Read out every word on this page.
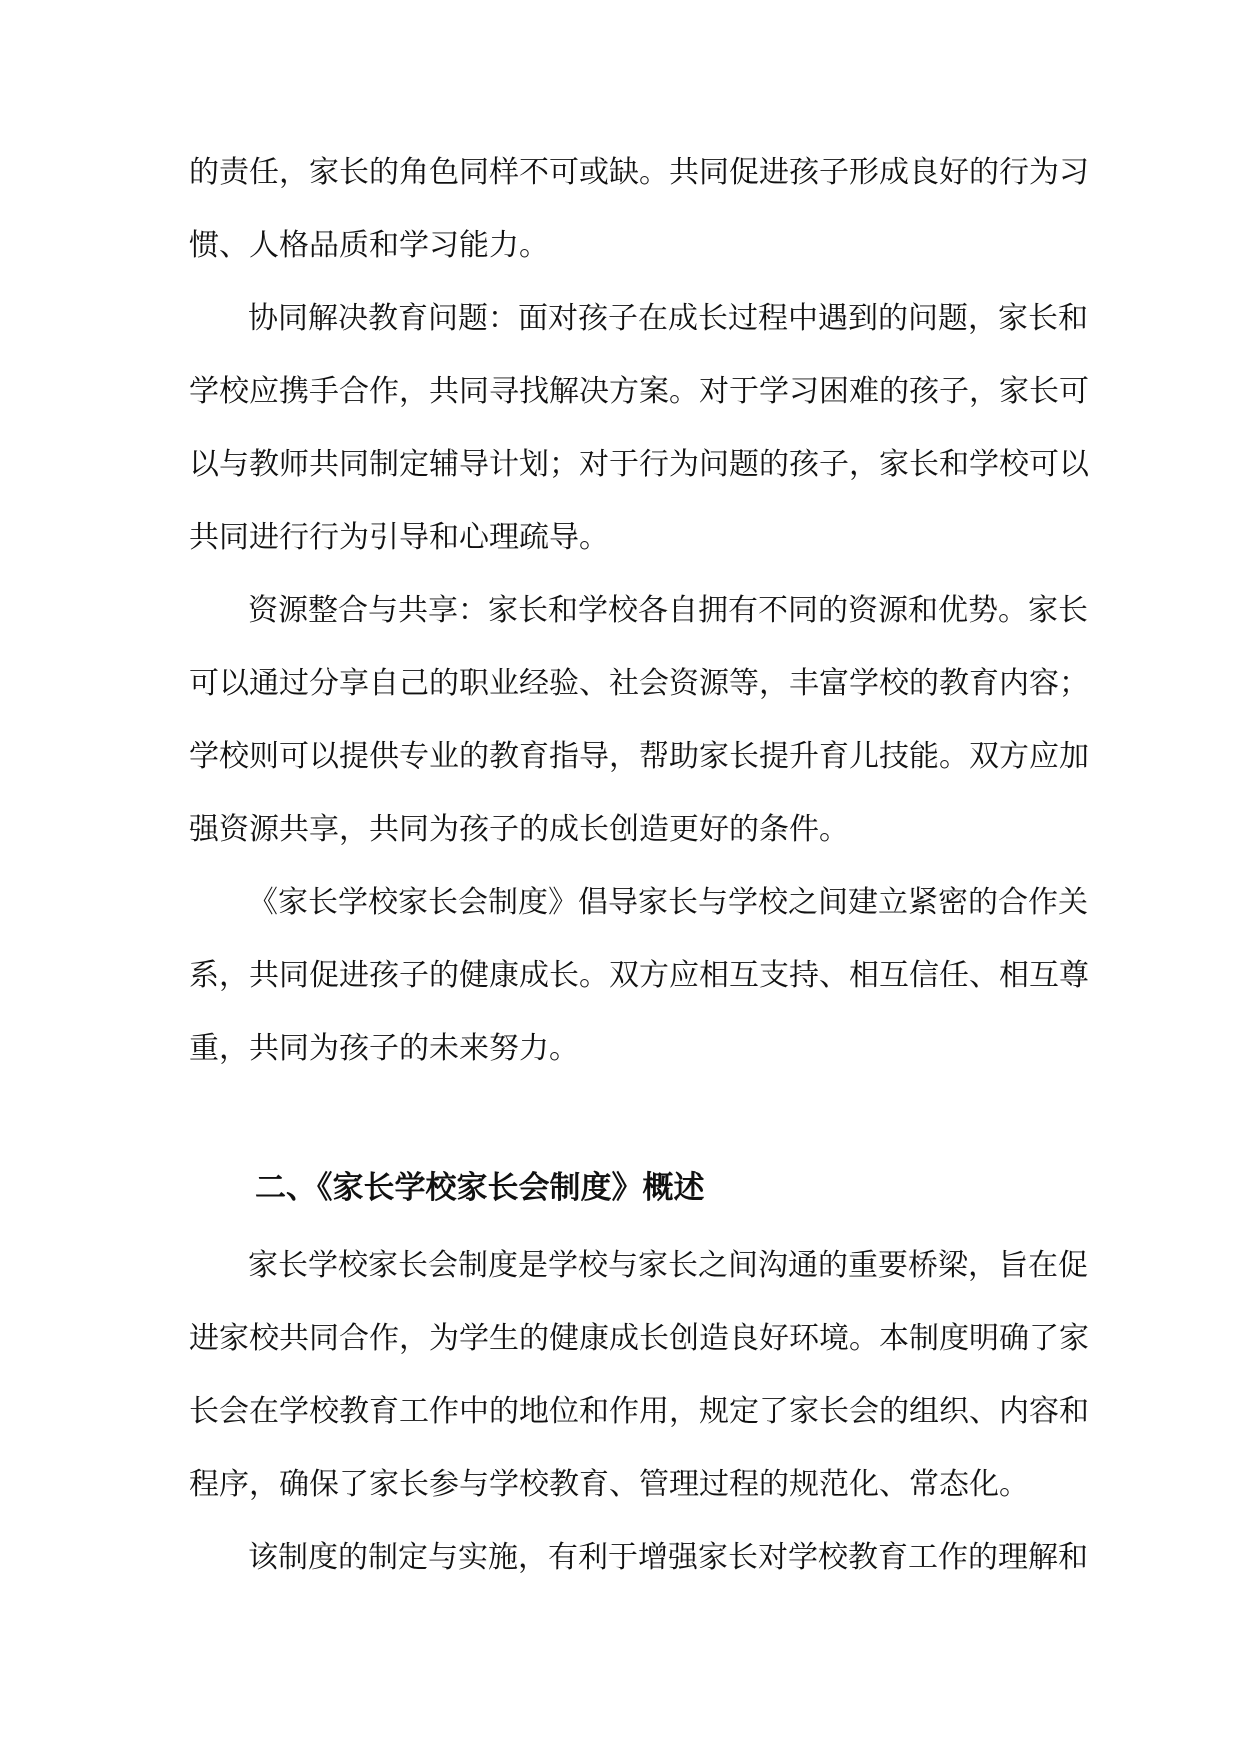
的责任，家长的角色同样不可或缺。共同促进孩子形成良好的行为习
惯、人格品质和学习能力。
协同解决教育问题：面对孩子在成长过程中遇到的问题，家长和
学校应携手合作，共同寻找解决方案。对于学习困难的孩子，家长可
以与教师共同制定辅导计划；对于行为问题的孩子，家长和学校可以
共同进行行为引导和心理疏导。
资源整合与共享：家长和学校各自拥有不同的资源和优势。家长
可以通过分享自己的职业经验、社会资源等，丰富学校的教育内容；
学校则可以提供专业的教育指导，帮助家长提升育儿技能。双方应加
强资源共享，共同为孩子的成长创造更好的条件。
《家长学校家长会制度》倡导家长与学校之间建立紧密的合作关
系，共同促进孩子的健康成长。双方应相互支持、相互信任、相互尊
重，共同为孩子的未来努力。
二、《家长学校家长会制度》概述
家长学校家长会制度是学校与家长之间沟通的重要桥梁，旨在促
进家校共同合作，为学生的健康成长创造良好环境。本制度明确了家
长会在学校教育工作中的地位和作用，规定了家长会的组织、内容和
程序，确保了家长参与学校教育、管理过程的规范化、常态化。
该制度的制定与实施，有利于增强家长对学校教育工作的理解和
